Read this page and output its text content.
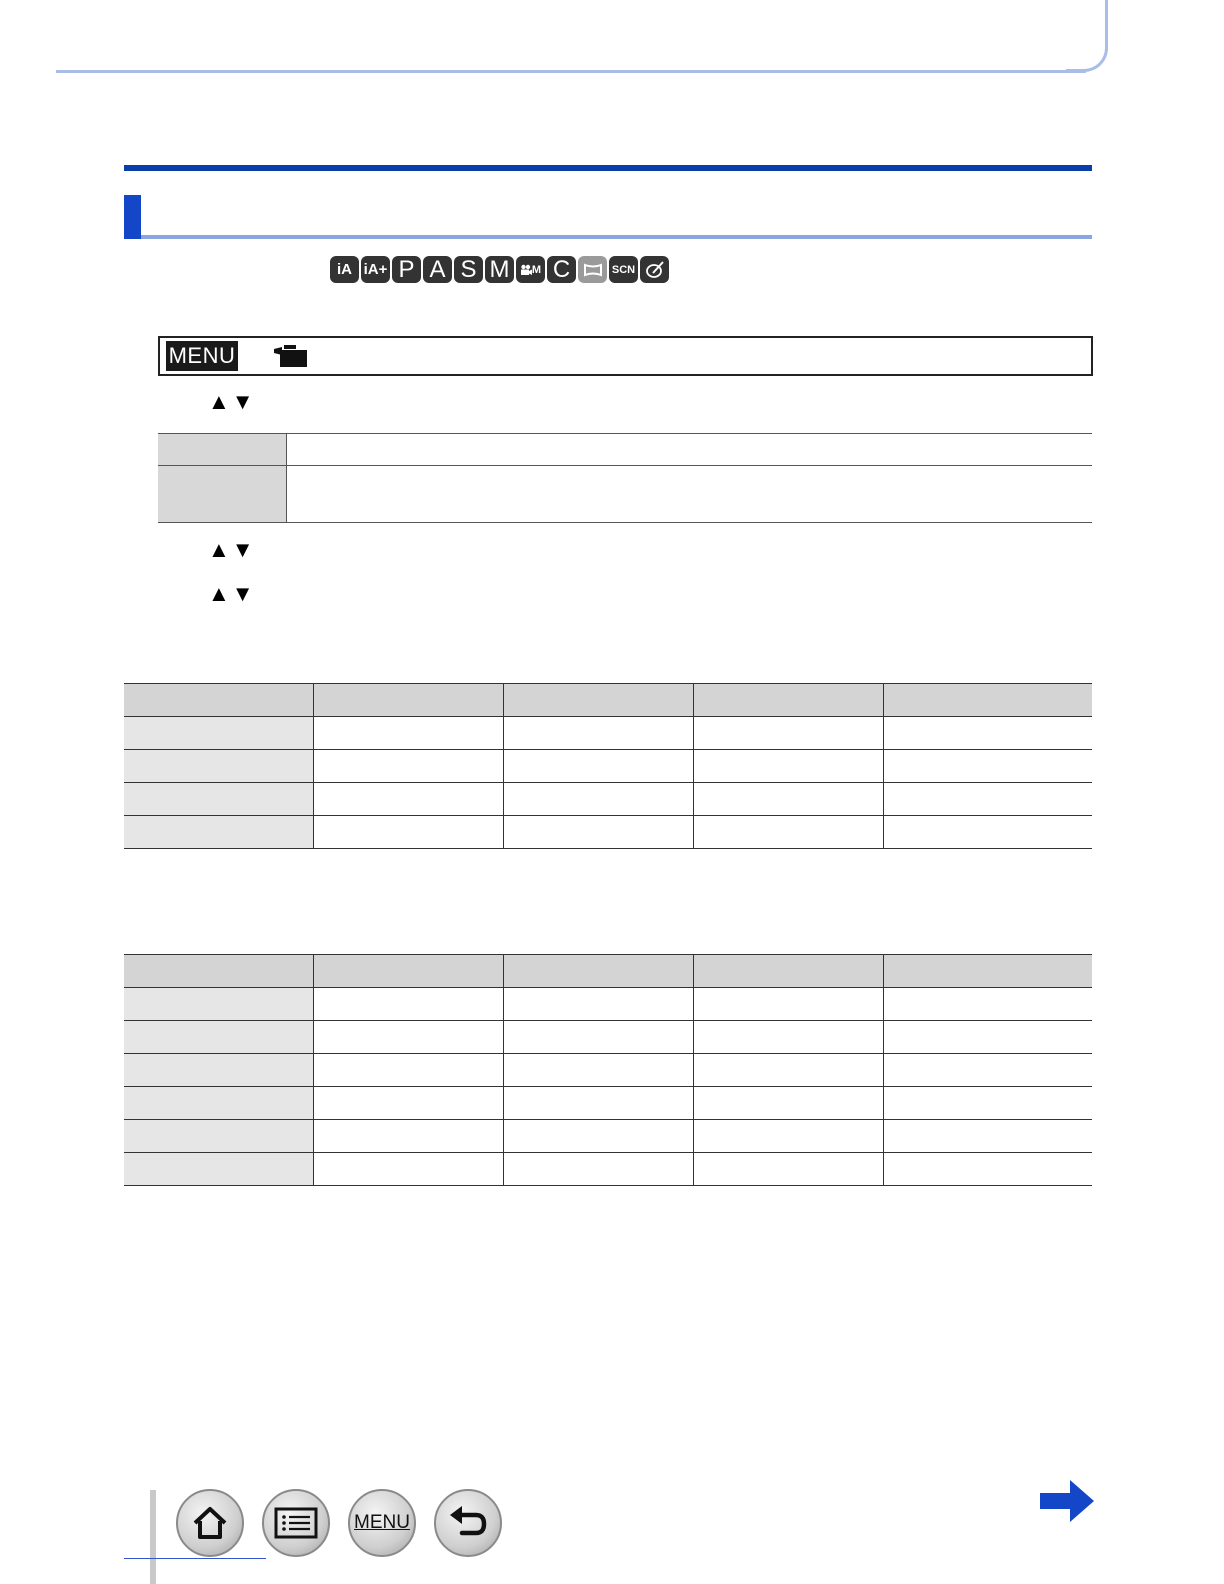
iA iA+ P A S M	M C	SCN
MENU
▲▼

▲▼
▲▼

MENU
